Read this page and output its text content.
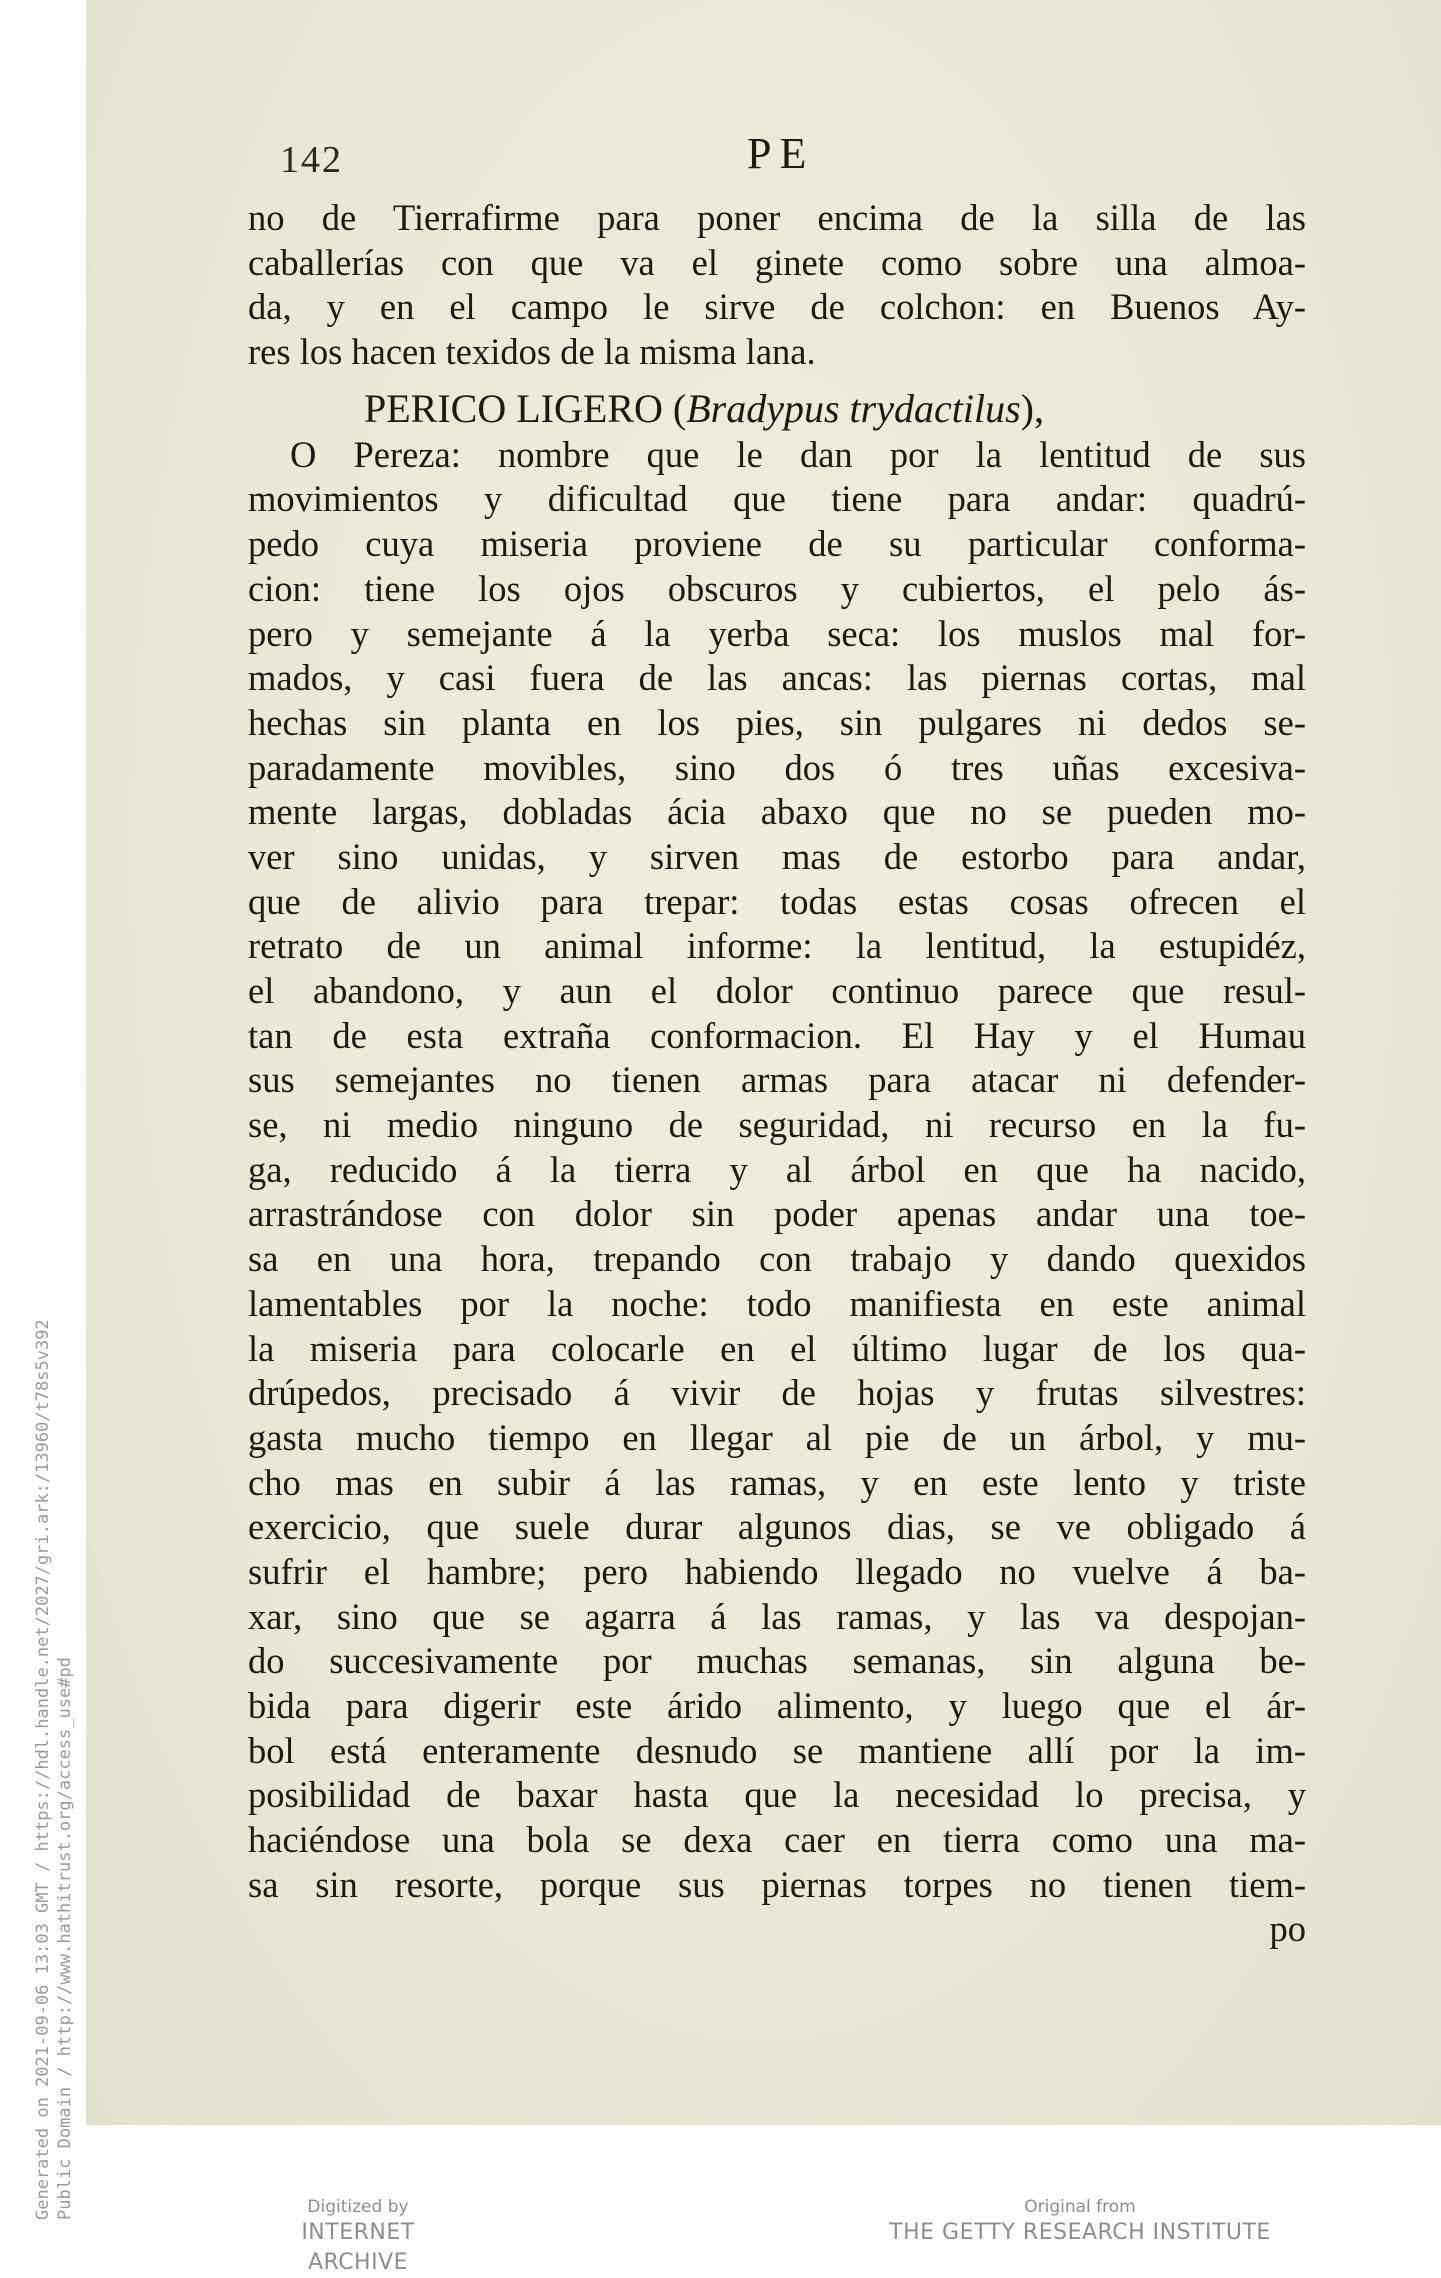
142	PE
no de Tierrafirme para poner encima de la silla de las
caballerías con que va el ginete como sobre una almoa-
da, y en el campo le sirve de colchon: en Buenos Ay-
res los hacen texidos de la misma lana.
PERICO LIGERO (Bradypus trydactilus),
O Pereza: nombre que le dan por la lentitud de sus
movimientos y dificultad que tiene para andar: quadrú-
pedo cuya miseria proviene de su particular conforma-
cion: tiene los ojos obscuros y cubiertos, el pelo ás-
pero y semejante á la yerba seca: los muslos mal for-
mados, y casi fuera de las ancas: las piernas cortas, mal
hechas sin planta en los pies, sin pulgares ni dedos se-
paradamente movibles, sino dos ó tres uñas excesiva-
mente largas, dobladas ácia abaxo que no se pueden mo-
ver sino unidas, y sirven mas de estorbo para andar,
que de alivio para trepar: todas estas cosas ofrecen el
retrato de un animal informe: la lentitud, la estupidéz,
el abandono, y aun el dolor continuo parece que resul-
tan de esta extraña conformacion. El Hay y el Humau
sus semejantes no tienen armas para atacar ni defender-
se, ni medio ninguno de seguridad, ni recurso en la fu-
ga, reducido á la tierra y al árbol en que ha nacido,
arrastrándose con dolor sin poder apenas andar una toe-
sa en una hora, trepando con trabajo y dando quexidos
lamentables por la noche: todo manifiesta en este animal
la miseria para colocarle en el último lugar de los qua-
drúpedos, precisado á vivir de hojas y frutas silvestres:
gasta mucho tiempo en llegar al pie de un árbol, y mu-
cho mas en subir á las ramas, y en este lento y triste
exercicio, que suele durar algunos dias, se ve obligado á
sufrir el hambre; pero habiendo llegado no vuelve á ba-
xar, sino que se agarra á las ramas, y las va despojan-
do succesivamente por muchas semanas, sin alguna be-
bida para digerir este árido alimento, y luego que el ár-
bol está enteramente desnudo se mantiene allí por la im-
posibilidad de baxar hasta que la necesidad lo precisa, y
haciéndose una bola se dexa caer en tierra como una ma-
sa sin resorte, porque sus piernas torpes no tienen tiem-
po
Generated on 2021-09-06 13:03 GMT / https://hdl.handle.net/2027/gri.ark:/13960/t78s5v392 Public Domain / http://www.hathitrust.org/access_use#pd	Digitized by
INTERNET ARCHIVE
Original from
THE GETTY RESEARCH INSTITUTE
